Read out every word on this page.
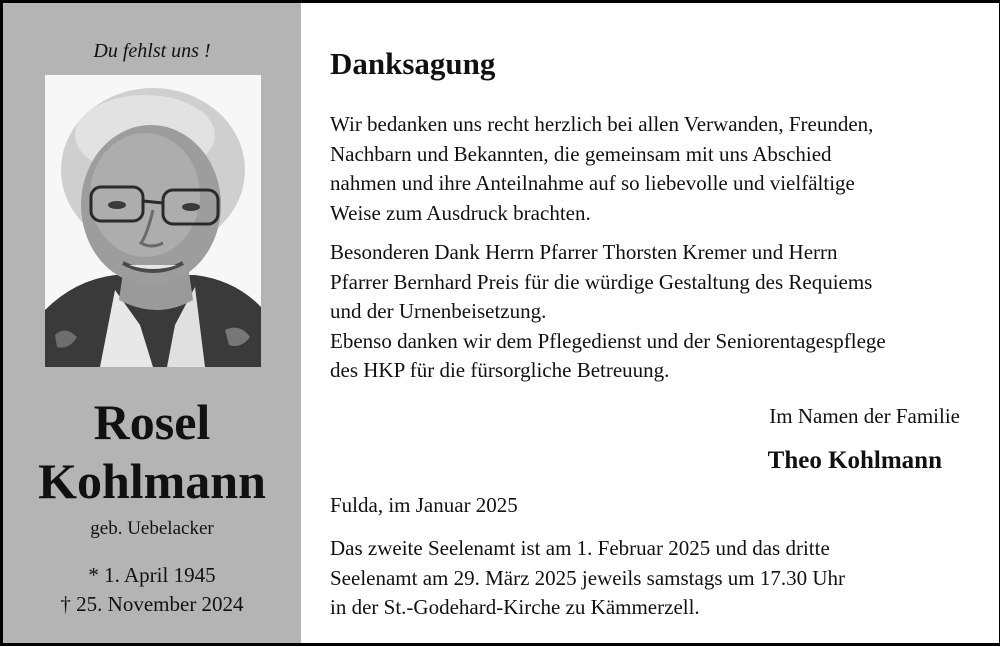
Du fehlst uns !
Rosel
Kohlmann
geb. Uebelacker
* 1. April 1945
† 25. November 2024
Danksagung
Wir bedanken uns recht herzlich bei allen Verwanden, Freunden,
Nachbarn und Bekannten, die gemeinsam mit uns Abschied
nahmen und ihre Anteilnahme auf so liebevolle und vielfältige
Weise zum Ausdruck brachten.
Besonderen Dank Herrn Pfarrer Thorsten Kremer und Herrn
Pfarrer Bernhard Preis für die würdige Gestaltung des Requiems
und der Urnenbeisetzung.
Ebenso danken wir dem Pflegedienst und der Seniorentagespflege
des HKP für die fürsorgliche Betreuung.
Im Namen der Familie
Theo Kohlmann
Fulda, im Januar 2025
Das zweite Seelenamt ist am 1. Februar 2025 und das dritte
Seelenamt am 29. März 2025 jeweils samstags um 17.30 Uhr
in der St.-Godehard-Kirche zu Kämmerzell.
